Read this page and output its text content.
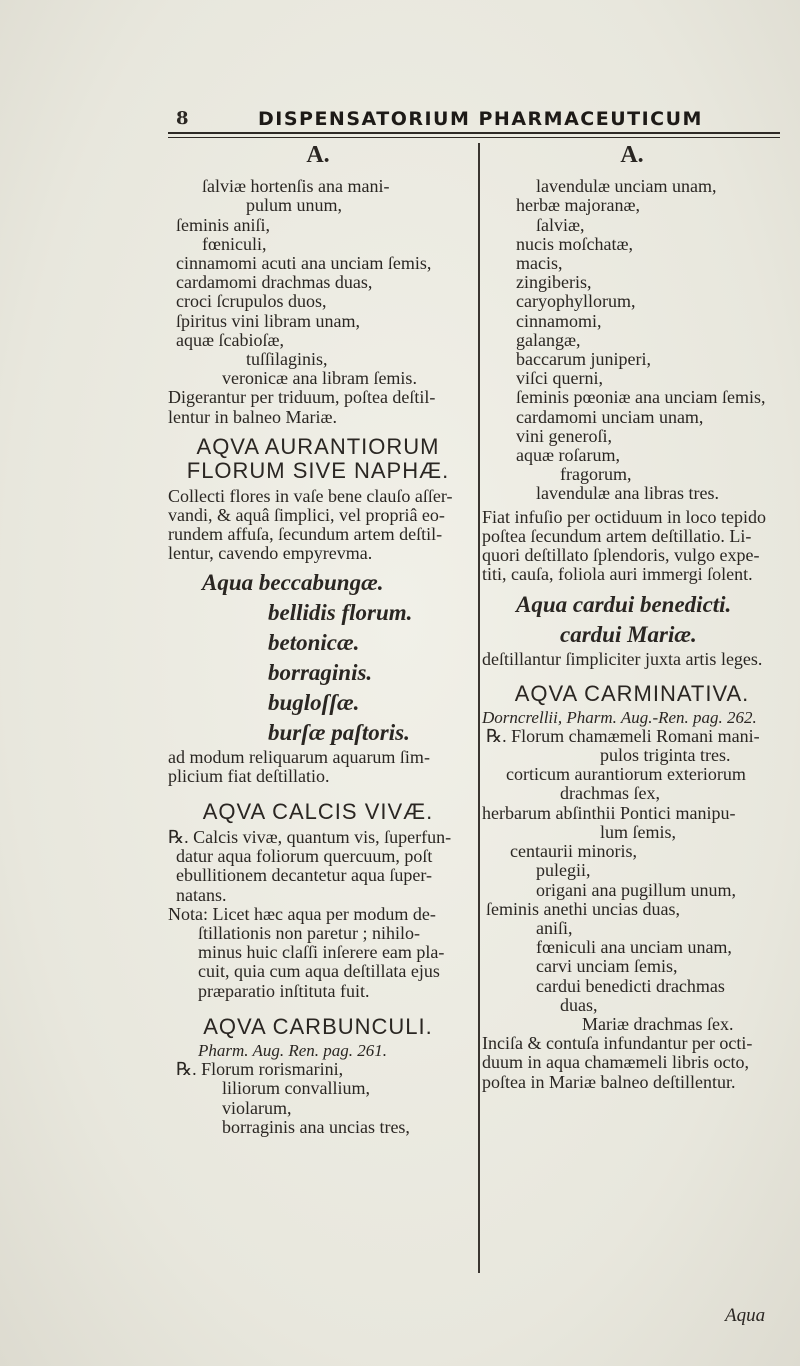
8	DISPENSATORIUM PHARMACEUTICUM
A.
ſalviæ hortenſis ana mani-
pulum unum,
ſeminis aniſi,
fœniculi,
cinnamomi acuti ana unciam ſemis,
cardamomi drachmas duas,
croci ſcrupulos duos,
ſpiritus vini libram unam,
aquæ ſcabioſæ,
tuſſilaginis,
veronicæ ana libram ſemis.
Digerantur per triduum, poſtea deſtil-
lentur in balneo Mariæ.
AQVA AURANTIORUM FLORUM SIVE NAPHÆ.
Collecti flores in vaſe bene clauſo aſſer-
vandi, & aquâ ſimplici, vel propriâ eo-
rundem affuſa, ſecundum artem deſtil-
lentur, cavendo empyrevma.
Aqua beccabungæ.
bellidis florum.
betonicæ.
borraginis.
bugloſſæ.
burſæ paſtoris.
ad modum reliquarum aquarum ſim-
plicium fiat deſtillatio.
AQVA CALCIS VIVÆ.
℞. Calcis vivæ, quantum vis, ſuperfun-
datur aqua foliorum quercuum, poſt
ebullitionem decantetur aqua ſuper-
natans.
Nota: Licet hæc aqua per modum de-
ſtillationis non paretur ; nihilo-
minus huic claſſi inſerere eam pla-
cuit, quia cum aqua deſtillata ejus
præparatio inſtituta fuit.
AQVA CARBUNCULI.
Pharm. Aug. Ren. pag. 261.
℞. Florum rorismarini,
liliorum convallium,
violarum,
borraginis ana uncias tres,
A.
lavendulæ unciam unam,
herbæ majoranæ,
ſalviæ,
nucis moſchatæ,
macis,
zingiberis,
caryophyllorum,
cinnamomi,
galangæ,
baccarum juniperi,
viſci querni,
ſeminis pœoniæ ana unciam ſemis,
cardamomi unciam unam,
vini generoſi,
aquæ roſarum,
fragorum,
lavendulæ ana libras tres.
Fiat infuſio per octiduum in loco tepido
poſtea ſecundum artem deſtillatio. Li-
quori deſtillato ſplendoris, vulgo expe-
titi, cauſa, foliola auri immergi ſolent.
Aqua cardui benedicti.
cardui Mariæ.
deſtillantur ſimpliciter juxta artis leges.
AQVA CARMINATIVA.
Dorncrellii, Pharm. Aug.-Ren. pag. 262.
℞. Florum chamæmeli Romani mani-
pulos triginta tres.
corticum aurantiorum exteriorum
drachmas ſex,
herbarum abſinthii Pontici manipu-
lum ſemis,
centaurii minoris,
pulegii,
origani ana pugillum unum,
ſeminis anethi uncias duas,
aniſi,
fœniculi ana unciam unam,
carvi unciam ſemis,
cardui benedicti drachmas
duas,
Mariæ drachmas ſex.
Inciſa & contuſa infundantur per octi-
duum in aqua chamæmeli libris octo,
poſtea in Mariæ balneo deſtillentur.
Aqua
